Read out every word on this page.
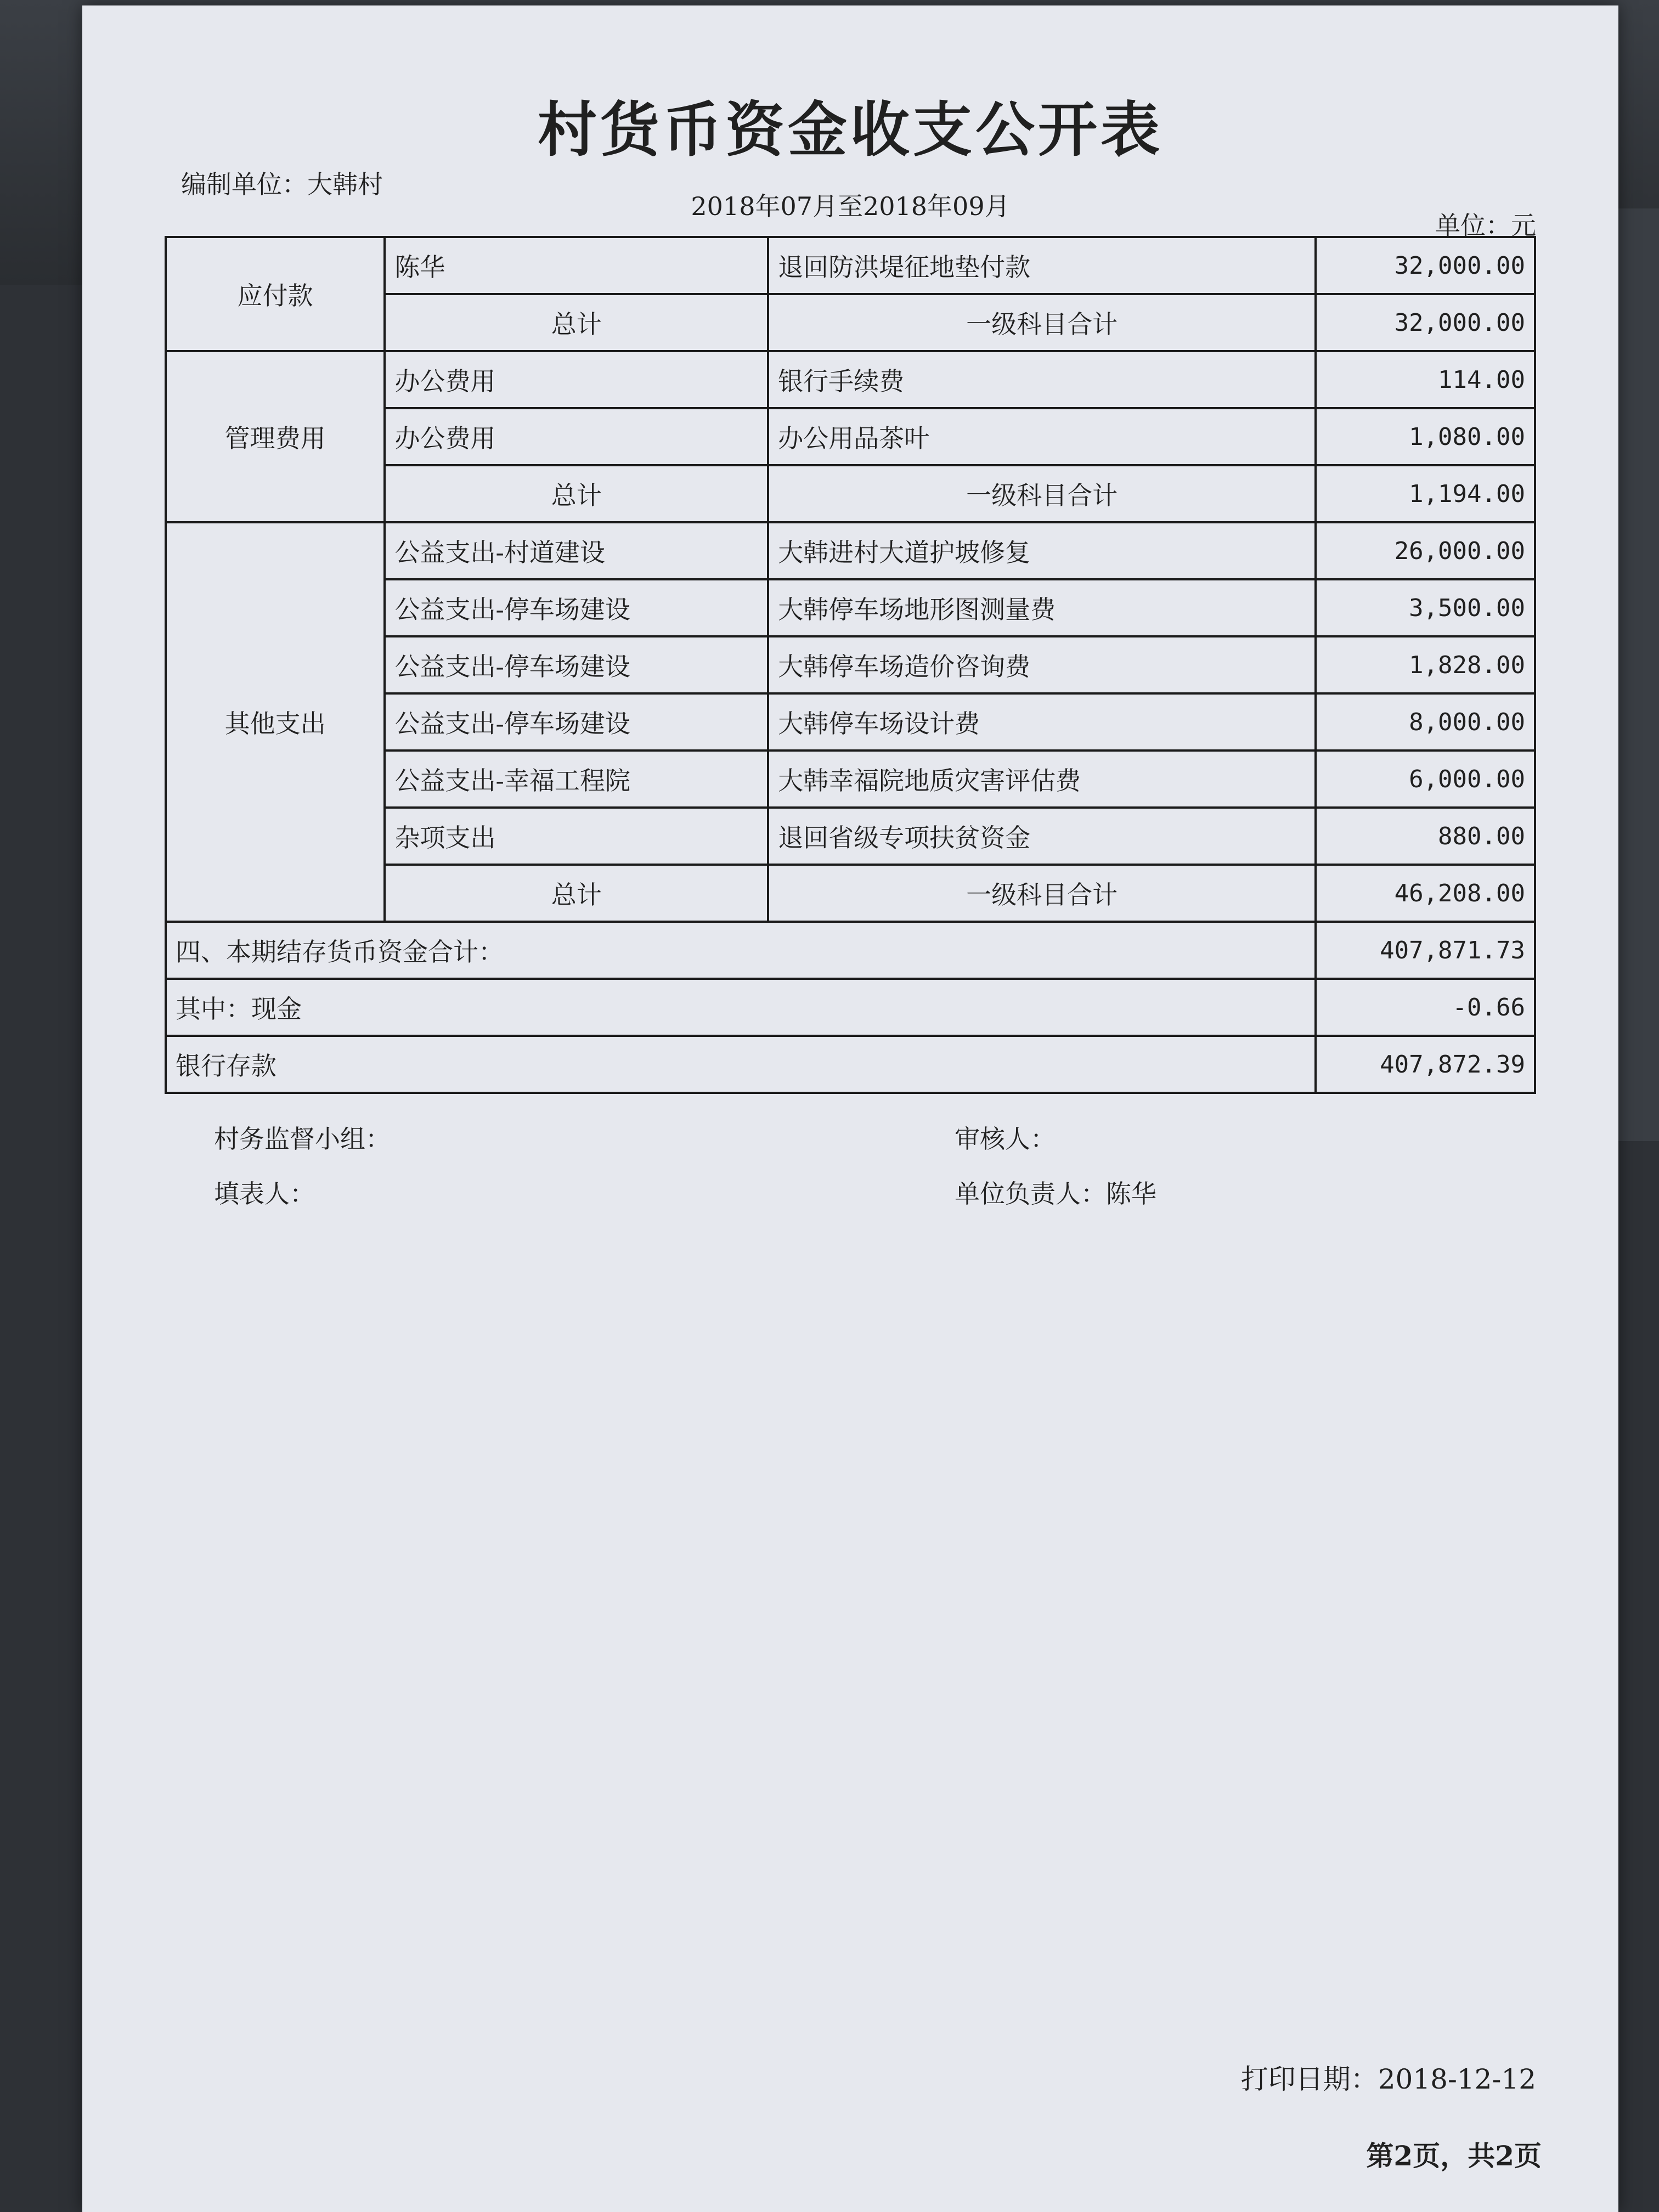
村货币资金收支公开表
编制单位：大韩村
2018年07月至2018年09月
单位：元
应付款	陈华	退回防洪堤征地垫付款	32,000.00
	总计	一级科目合计	32,000.00
管理费用	办公费用	银行手续费	114.00
	办公费用	办公用品茶叶	1,080.00
	总计	一级科目合计	1,194.00
其他支出	公益支出-村道建设	大韩进村大道护坡修复	26,000.00
	公益支出-停车场建设	大韩停车场地形图测量费	3,500.00
	公益支出-停车场建设	大韩停车场造价咨询费	1,828.00
	公益支出-停车场建设	大韩停车场设计费	8,000.00
	公益支出-幸福工程院	大韩幸福院地质灾害评估费	6,000.00
	杂项支出	退回省级专项扶贫资金	880.00
	总计	一级科目合计	46,208.00
四、本期结存货币资金合计：			407,871.73
其中：现金			-0.66
银行存款			407,872.39
村务监督小组：	审核人：
填表人：	单位负责人：陈华
打印日期：2018-12-12
第2页，共2页
